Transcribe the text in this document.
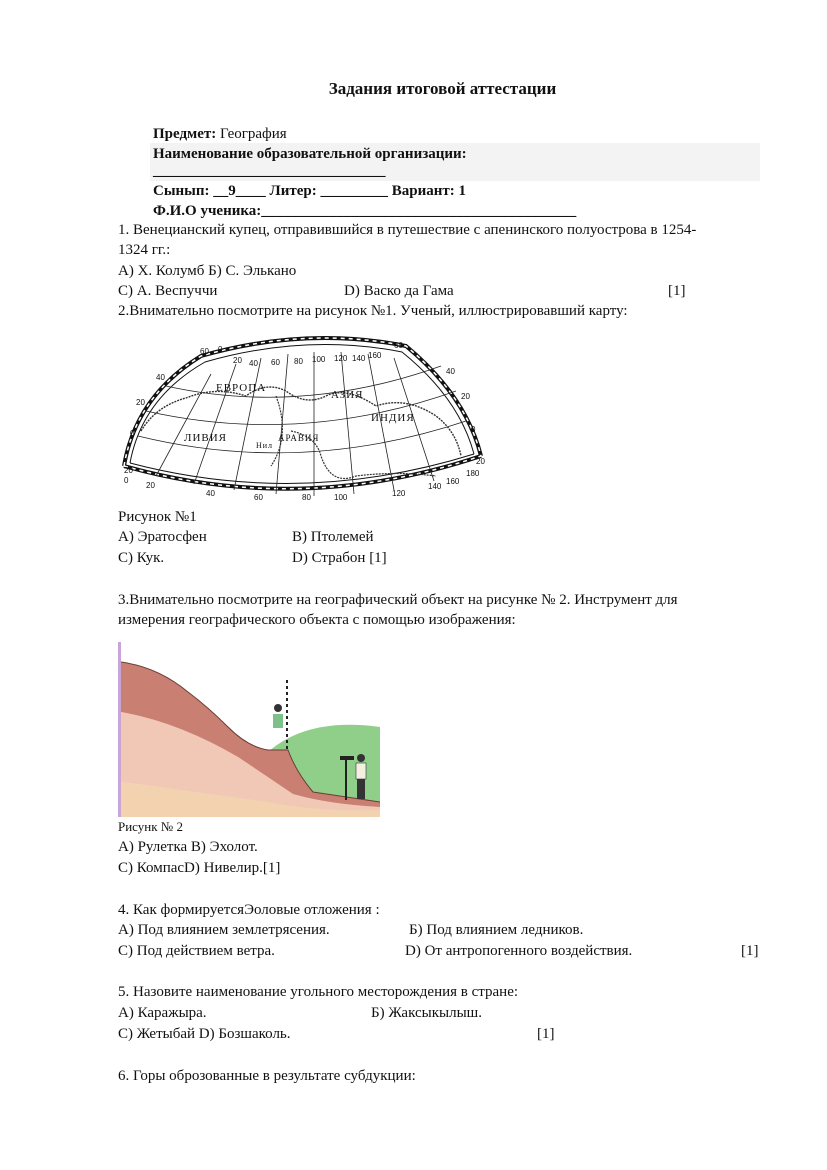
Задания итоговой аттестации
Предмет: География
Наименование образовательной организации:
_______________________________
Сынып: __9____ Литер: _________ Вариант: 1
Ф.И.О ученика:__________________________________________
1. Венецианский купец, отправившийся в путешествие с апенинского полуострова в 1254-
1324 гг.:
А) Х. Колумб Б) С. Элькано
С) А. Веспуччи	D) Васко да Гама	[1]
2.Внимательно посмотрите на рисунок №1. Ученый, иллюстрировавший карту:
ЕВРОПА
АЗИЯ
ИНДИЯ
ЛИВИЯ	АРАВИЯ
Нил
60 0
20 40 60 80 100 120 140 160
60
20
0
20
40	60	80	100	120
140
160
180
20
0
20
40
40
20
0
Рисунок №1
А) Эратосфен	В) Птолемей
С) Кук.	D) Страбон [1]
3.Внимательно посмотрите на географический объект на рисунке № 2. Инструмент для
измерения географического объекта с помощью изображения:
Рисунк № 2
А) Рулетка В) Эхолот.
С) КомпасD) Нивелир.[1]
4. Как формируетсяЭоловые отложения :
А) Под влиянием землетрясения.	Б) Под влиянием ледников.
С) Под действием ветра.	D) От антропогенного воздействия.	[1]
5. Назовите наименование угольного месторождения в стране:
А) Каражыра.	Б) Жаксыкылыш.
С) Жетыбай D) Бозшаколь.	[1]
6. Горы оброзованные в результате субдукции:
